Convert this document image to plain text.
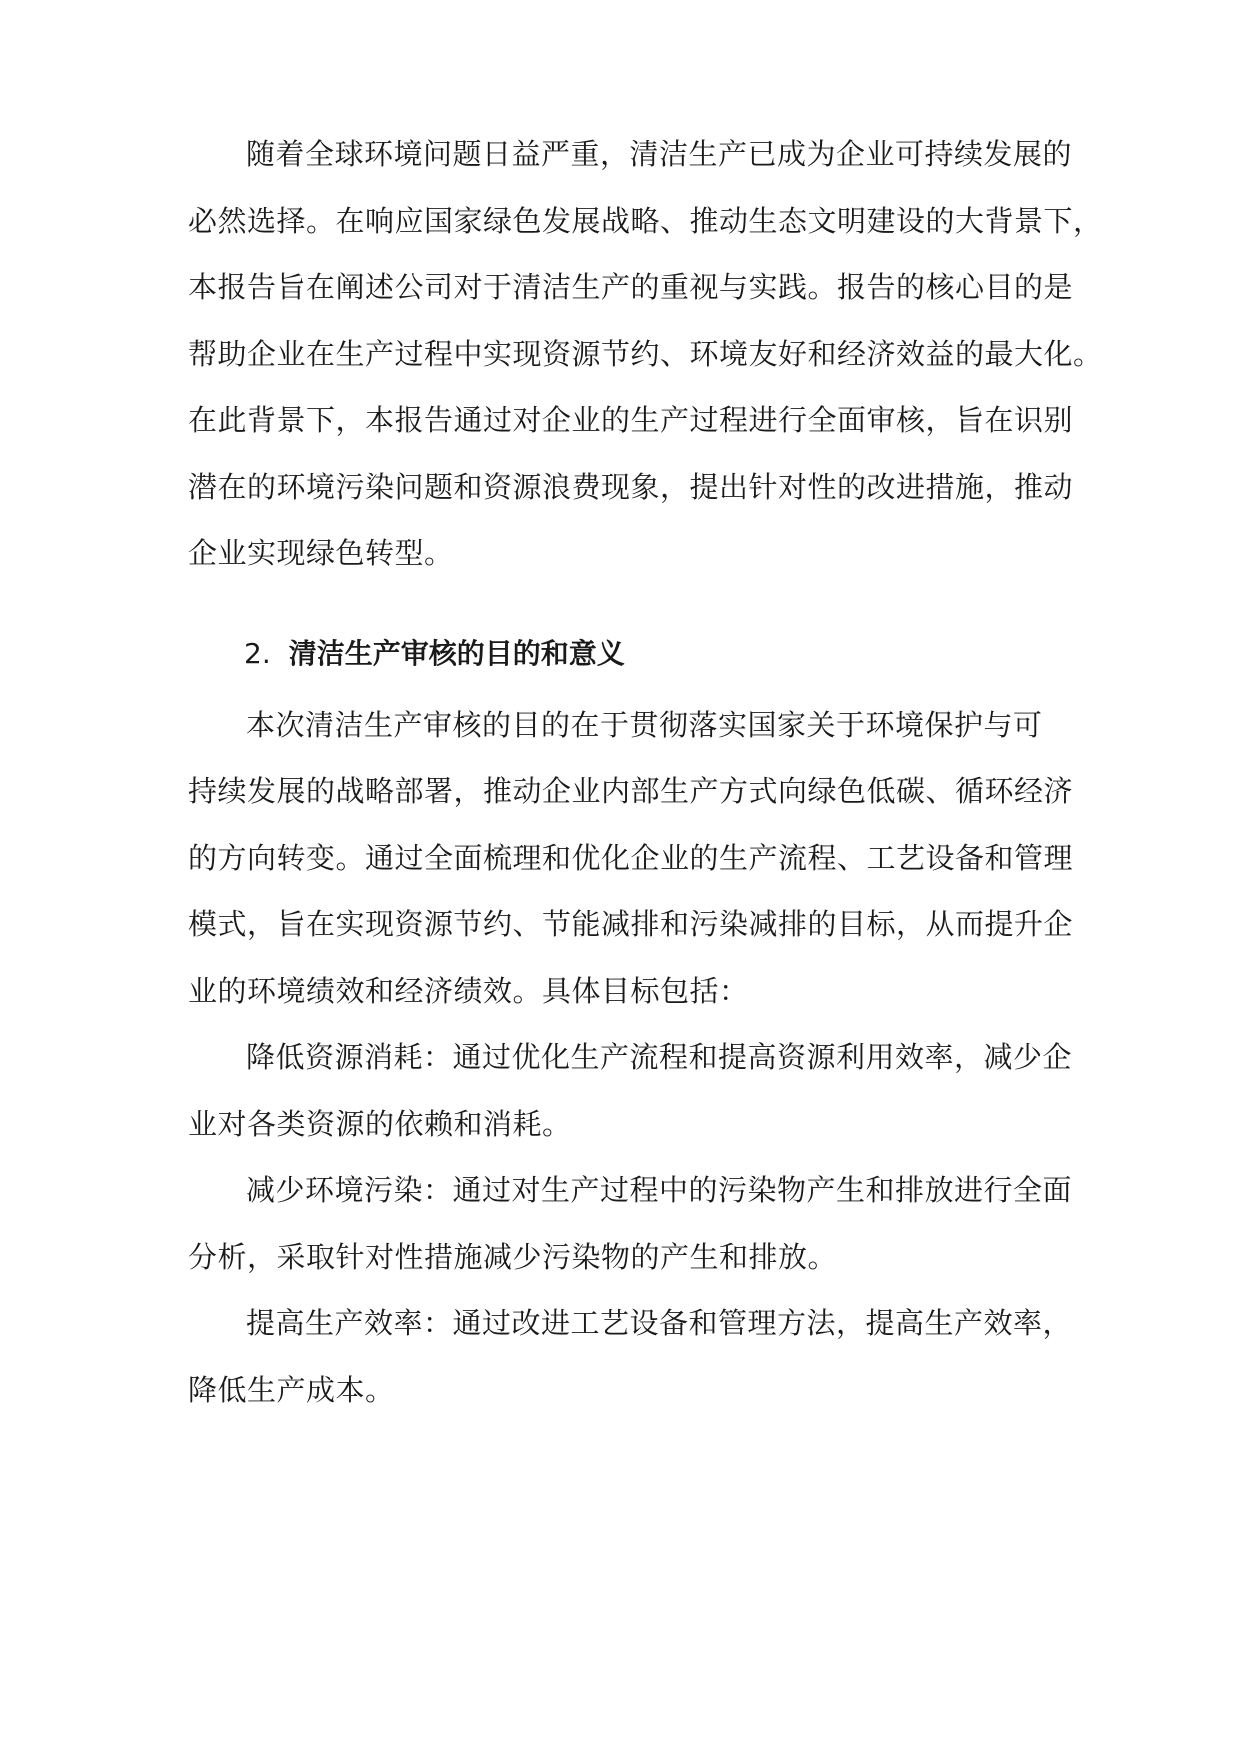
随着全球环境问题日益严重，清洁生产已成为企业可持续发展的
必然选择。在响应国家绿色发展战略、推动生态文明建设的大背景下，
本报告旨在阐述公司对于清洁生产的重视与实践。报告的核心目的是
帮助企业在生产过程中实现资源节约、环境友好和经济效益的最大化。
在此背景下，本报告通过对企业的生产过程进行全面审核，旨在识别
潜在的环境污染问题和资源浪费现象，提出针对性的改进措施，推动
企业实现绿色转型。
2. 清洁生产审核的目的和意义
本次清洁生产审核的目的在于贯彻落实国家关于环境保护与可
持续发展的战略部署，推动企业内部生产方式向绿色低碳、循环经济
的方向转变。通过全面梳理和优化企业的生产流程、工艺设备和管理
模式，旨在实现资源节约、节能减排和污染减排的目标，从而提升企
业的环境绩效和经济绩效。具体目标包括：
降低资源消耗：通过优化生产流程和提高资源利用效率，减少企
业对各类资源的依赖和消耗。
减少环境污染：通过对生产过程中的污染物产生和排放进行全面
分析，采取针对性措施减少污染物的产生和排放。
提高生产效率：通过改进工艺设备和管理方法，提高生产效率，
降低生产成本。
